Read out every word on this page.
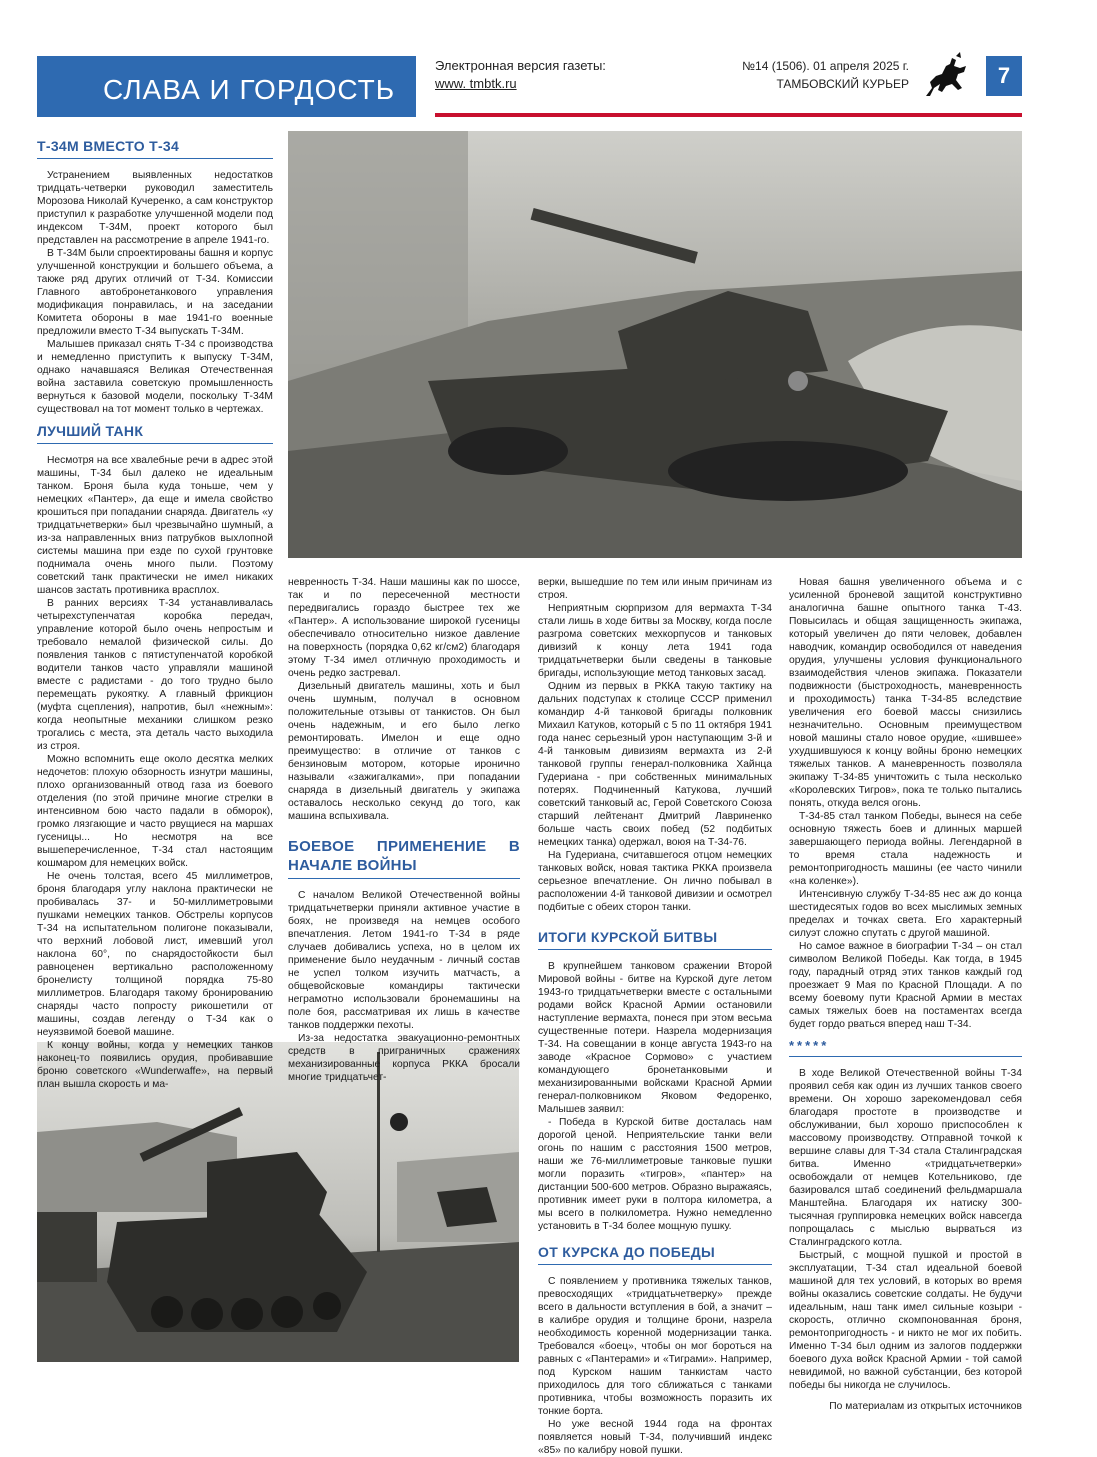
СЛАВА И ГОРДОСТЬ
Электронная версия газеты:
www. tmbtk.ru
№14 (1506). 01 апреля 2025 г.
ТАМБОВСКИЙ КУРЬЕР	7
Т-34М ВМЕСТО Т-34

Устранением выявленных недостатков тридцать-четверки руководил заместитель Морозова Николай Кучеренко, а сам конструктор приступил к разработке улучшенной модели под индексом Т-34М, проект которого был представлен на рассмотрение в апреле 1941-го.

В Т-34М были спроектированы башня и корпус улучшенной конструкции и большего объема, а также ряд других отличий от Т-34. Комиссии Главного автобронетанкового управления модификация понравилась, и на заседании Комитета обороны в мае 1941-го военные предложили вместо Т-34 выпускать Т-34М.

Малышев приказал снять Т-34 с производства и немедленно приступить к выпуску Т-34М, однако начавшаяся Великая Отечественная война заставила советскую промышленность вернуться к базовой модели, поскольку Т-34М существовал на тот момент только в чертежах.

ЛУЧШИЙ ТАНК

Несмотря на все хвалебные речи в адрес этой машины, Т-34 был далеко не идеальным танком. Броня была куда тоньше, чем у немецких «Пантер», да еще и имела свойство крошиться при попадании снаряда. Двигатель «у тридцатьчетверки» был чрезвычайно шумный, а из-за направленных вниз патрубков выхлопной системы машина при езде по сухой грунтовке поднимала очень много пыли. Поэтому советский танк практически не имел никаких шансов застать противника врасплох.

В ранних версиях Т-34 устанавливалась четырехступенчатая коробка передач, управление которой было очень непростым и требовало немалой физической силы. До появления танков с пятиступенчатой коробкой водители танков часто управляли машиной вместе с радистами - до того трудно было перемещать рукоятку. А главный фрикцион (муфта сцепления), напротив, был «нежным»: когда неопытные механики слишком резко трогались с места, эта деталь часто выходила из строя.

Можно вспомнить еще около десятка мелких недочетов: плохую обзорность изнутри машины, плохо организованный отвод газа из боевого отделения (по этой причине многие стрелки в интенсивном бою часто падали в обморок), громко лязгающие и часто рвущиеся на маршах гусеницы... Но несмотря на все вышеперечисленное, Т-34 стал настоящим кошмаром для немецких войск.

Не очень толстая, всего 45 миллиметров, броня благодаря углу наклона практически не пробивалась 37- и 50-миллиметровыми пушками немецких танков. Обстрелы корпусов Т-34 на испытательном полигоне показывали, что верхний лобовой лист, имевший угол наклона 60°, по снарядостойкости был равноценен вертикально расположенному бронелисту толщиной порядка 75-80 миллиметров. Благодаря такому бронированию снаряды часто попросту рикошетили от машины, создав легенду о Т-34 как о неуязвимой боевой машине.

К концу войны, когда у немецких танков наконец-то появились орудия, пробивавшие броню советского «Wunderwaffe», на первый план вышла скорость и ма-

невренность Т-34. Наши машины как по шоссе, так и по пересеченной местности передвигались гораздо быстрее тех же «Пантер». А использование широкой гусеницы обеспечивало относительно низкое давление на поверхность (порядка 0,62 кг/см2) благодаря этому Т-34 имел отличную проходимость и очень редко застревал.

Дизельный двигатель машины, хоть и был очень шумным, получал в основном положительные отзывы от танкистов. Он был очень надежным, и его было легко ремонтировать. Имелон и еще одно преимущество: в отличие от танков с бензиновым мотором, которые иронично называли «зажигалками», при попадании снаряда в дизельный двигатель у экипажа оставалось несколько секунд до того, как машина вспыхивала.

БОЕВОЕ ПРИМЕНЕНИЕ В НАЧАЛЕ ВОЙНЫ

С началом Великой Отечественной войны тридцатьчетверки приняли активное участие в боях, не произведя на немцев особого впечатления. Летом 1941-го Т-34 в ряде случаев добивались успеха, но в целом их применение было неудачным - личный состав не успел толком изучить матчасть, а общевойсковые командиры тактически неграмотно использовали бронемашины на поле боя, рассматривая их лишь в качестве танков поддержки пехоты.

Из-за недостатка эвакуационно-ремонтных средств в приграничных сражениях механизированные корпуса РККА бросали многие тридцатьчет-

верки, вышедшие по тем или иным причинам из строя.

Неприятным сюрпризом для вермахта Т-34 стали лишь в ходе битвы за Москву, когда после разгрома советских мехкорпусов и танковых дивизий к концу лета 1941 года тридцатьчетверки были сведены в танковые бригады, использующие метод танковых засад.

Одним из первых в РККА такую тактику на дальних подступах к столице СССР применил командир 4-й танковой бригады полковник Михаил Катуков, который с 5 по 11 октября 1941 года нанес серьезный урон наступающим 3-й и 4-й танковым дивизиям вермахта из 2-й танковой группы генерал-полковника Хайнца Гудериана - при собственных минимальных потерях. Подчиненный Катукова, лучший советский танковый ас, Герой Советского Союза старший лейтенант Дмитрий Лавриненко больше часть своих побед (52 подбитых немецких танка) одержал, воюя на Т-34-76.

На Гудериана, считавшегося отцом немецких танковых войск, новая тактика РККА произвела серьезное впечатление. Он лично побывал в расположении 4-й танковой дивизии и осмотрел подбитые с обеих сторон танки.

ИТОГИ КУРСКОЙ БИТВЫ

В крупнейшем танковом сражении Второй Мировой войны - битве на Курской дуге летом 1943-го тридцатьчетверки вместе с остальными родами войск Красной Армии остановили наступление вермахта, понеся при этом весьма существенные потери. Назрела модернизация Т-34. На совещании в конце августа 1943-го на заводе «Красное Сормово» с участием командующего бронетанковыми и механизированными войсками Красной Армии генерал-полковником Яковом Федоренко, Малышев заявил:

- Победа в Курской битве досталась нам дорогой ценой. Неприятельские танки вели огонь по нашим с расстояния 1500 метров, наши же 76-миллиметровые танковые пушки могли поразить «тигров», «пантер» на дистанции 500-600 метров. Образно выражаясь, противник имеет руки в полтора километра, а мы всего в полкилометра. Нужно немедленно установить в Т-34 более мощную пушку.

ОТ КУРСКА ДО ПОБЕДЫ

С появлением у противника тяжелых танков, превосходящих «тридцатьчетверку» прежде всего в дальности вступления в бой, а значит – в калибре орудия и толщине брони, назрела необходимость коренной модернизации танка. Требовался «боец», чтобы он мог бороться на равных с «Пантерами» и «Тиграми». Например, под Курском нашим танкистам часто приходилось для того сближаться с танками противника, чтобы возможность поразить их тонкие борта.

Но уже весной 1944 года на фронтах появляется новый Т-34, получивший индекс «85» по калибру новой пушки.

Новая башня увеличенного объема и с усиленной броневой защитой конструктивно аналогична башне опытного танка Т-43. Повысилась и общая защищенность экипажа, который увеличен до пяти человек, добавлен наводчик, командир освободился от наведения орудия, улучшены условия функционального взаимодействия членов экипажа. Показатели подвижности (быстроходность, маневренность и проходимость) танка Т-34-85 вследствие увеличения его боевой массы снизились незначительно. Основным преимуществом новой машины стало новое орудие, «шившее» ухудшившуюся к концу войны броню немецких тяжелых танков. А маневренность позволяла экипажу Т-34-85 уничтожить с тыла несколько «Королевских Тигров», пока те только пытались понять, откуда велся огонь.

Т-34-85 стал танком Победы, вынеся на себе основную тяжесть боев и длинных маршей завершающего периода войны. Легендарной в то время стала надежность и ремонтопригодность машины (ее часто чинили «на коленке»).

Интенсивную службу Т-34-85 нес аж до конца шестидесятых годов во всех мыслимых земных пределах и точках света. Его характерный силуэт сложно спутать с другой машиной.

Но самое важное в биографии Т-34 – он стал символом Великой Победы. Как тогда, в 1945 году, парадный отряд этих танков каждый год проезжает 9 Мая по Красной Площади. А по всему боевому пути Красной Армии в местах самых тяжелых боев на постаментах всегда будет гордо рваться вперед наш Т-34.

*****

В ходе Великой Отечественной войны Т-34 проявил себя как один из лучших танков своего времени. Он хорошо зарекомендовал себя благодаря простоте в производстве и обслуживании, был хорошо приспособлен к массовому производству. Отправной точкой к вершине славы для Т-34 стала Сталинградская битва. Именно «тридцатьчетверки» освобождали от немцев Котельниково, где базировался штаб соединений фельдмаршала Манштейна. Благодаря их натиску 300-тысячная группировка немецких войск навсегда попрощалась с мыслью вырваться из Сталинградского котла.

Быстрый, с мощной пушкой и простой в эксплуатации, Т-34 стал идеальной боевой машиной для тех условий, в которых во время войны оказались советские солдаты. Не будучи идеальным, наш танк имел сильные козыри - скорость, отлично скомпонованная броня, ремонтопригодность - и никто не мог их побить. Именно Т-34 был одним из залогов поддержки боевого духа войск Красной Армии - той самой невидимой, но важной субстанции, без которой победы бы никогда не случилось.

По материалам из открытых источников
